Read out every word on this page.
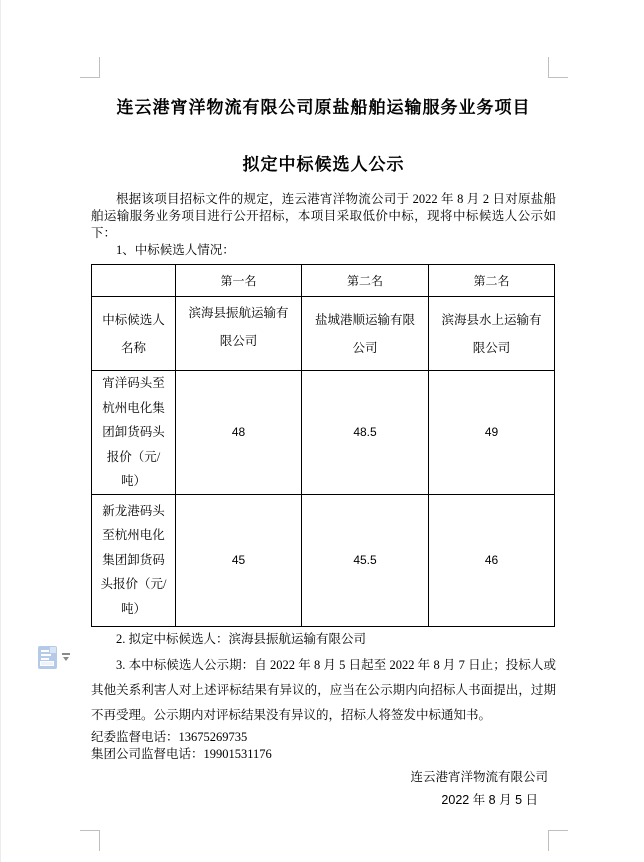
连云港宵洋物流有限公司原盐船舶运输服务业务项目

拟定中标候选人公示

根据该项目招标文件的规定，连云港宵洋物流公司于 2022 年 8 月 2 日对原盐船舶运输服务业务项目进行公开招标，本项目采取低价中标，现将中标候选人公示如下：

1、中标候选人情况：

	第一名	第二名	第二名
中标候选人名称	滨海县振航运输有限公司	盐城港顺运输有限公司	滨海县水上运输有限公司
宵洋码头至杭州电化集团卸货码头报价（元/吨）	48	48.5	49
新龙港码头至杭州电化集团卸货码头报价（元/吨）	45	45.5	46

2. 拟定中标候选人：滨海县振航运输有限公司

3. 本中标候选人公示期：自 2022 年 8 月 5 日起至 2022 年 8 月 7 日止；投标人或其他关系利害人对上述评标结果有异议的，应当在公示期内向招标人书面提出，过期不再受理。公示期内对评标结果没有异议的，招标人将签发中标通知书。

纪委监督电话：13675269735

集团公司监督电话：19901531176

连云港宵洋物流有限公司

2022 年 8 月 5 日
